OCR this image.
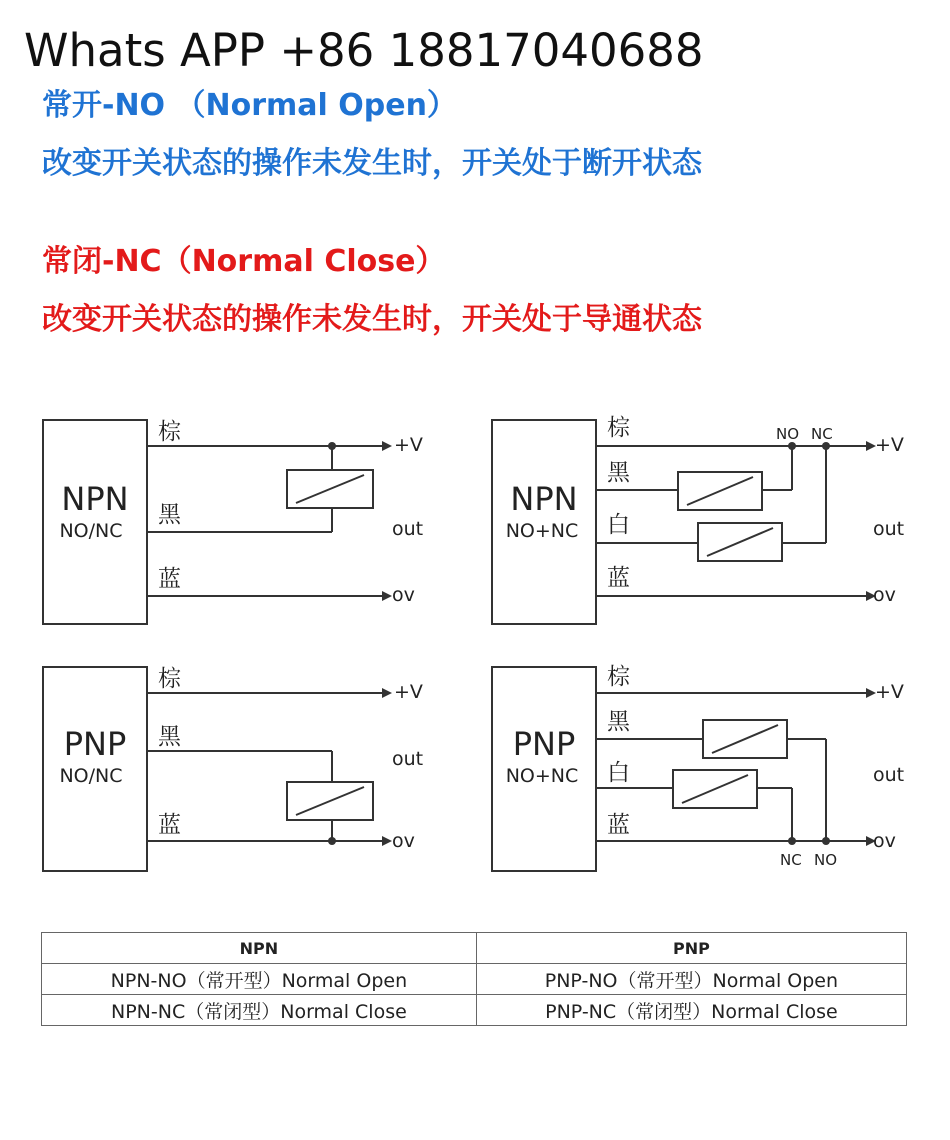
Whats APP +86 18817040688
常开-NO （Normal Open）
改变开关状态的操作未发生时，开关处于断开状态
常闭-NC（Normal Close）
改变开关状态的操作未发生时，开关处于导通状态
NPN
NO/NC
NPN
NO+NC
PNP
NO/NC
PNP
NO+NC
棕
黑
蓝
棕
黑
白
蓝
棕
黑
蓝
棕
黑
白
蓝
+V
out
ov
+V
out
ov
NO NC
+V
out
ov
+V
out
ov
NC NO
NPN	PNP
NPN-NO（常开型）Normal Open	PNP-NO（常开型）Normal Open
NPN-NC（常闭型）Normal Close	PNP-NC（常闭型）Normal Close
